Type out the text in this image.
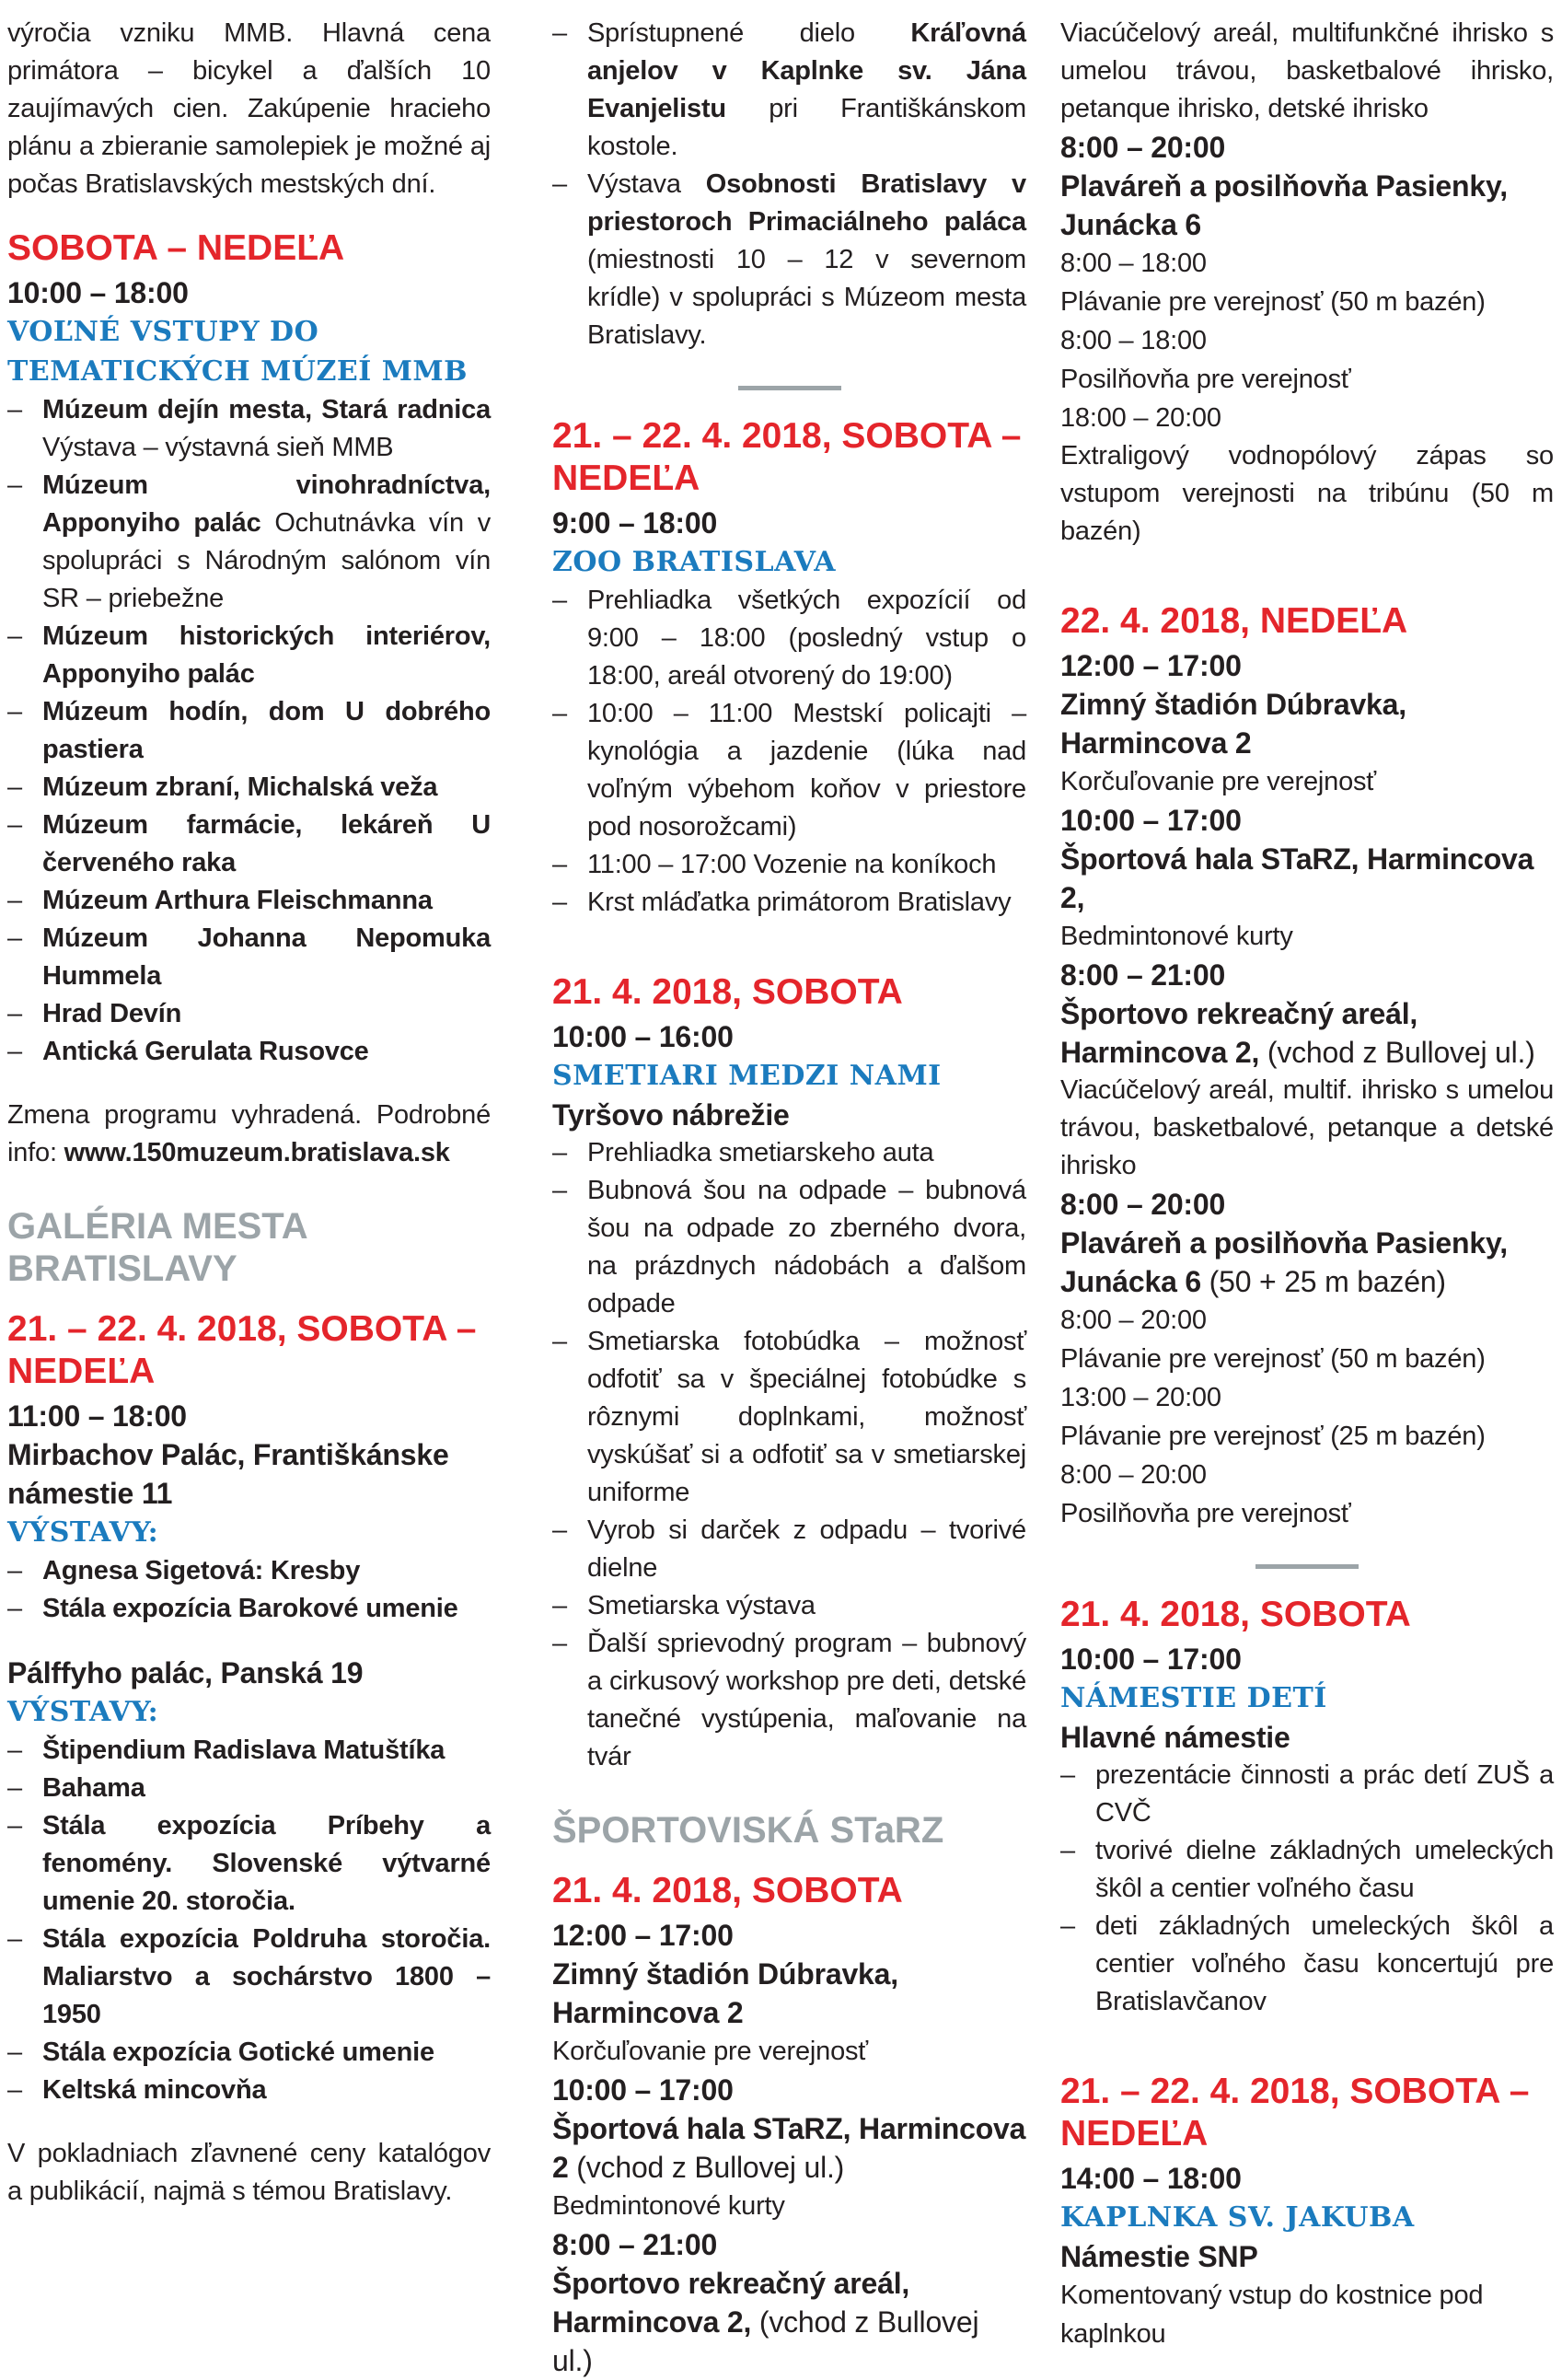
výročia vzniku MMB. Hlavná cena primátora – bicykel a ďalších 10 zaujímavých cien. Zakúpenie hracieho plánu a zbieranie samolepiek je možné aj počas Bratislavských mestských dní.
SOBOTA – NEDEĽA
10:00 – 18:00
VOĽNÉ VSTUPY DO TEMATICKÝCH MÚZEÍ MMB
– Múzeum dejín mesta, Stará radnica Výstava – výstavná sieň MMB
– Múzeum vinohradníctva, Apponyiho palác Ochutnávka vín v spolupráci s Národným salónom vín SR – priebežne
– Múzeum historických interiérov, Apponyiho palác
– Múzeum hodín, dom U dobrého pastiera
– Múzeum zbraní, Michalská veža
– Múzeum farmácie, lekáreň U červeného raka
– Múzeum Arthura Fleischmanna
– Múzeum Johanna Nepomuka Hummela
– Hrad Devín
– Antická Gerulata Rusovce
Zmena programu vyhradená. Podrobné info: www.150muzeum.bratislava.sk
GALÉRIA MESTA BRATISLAVY
21. – 22. 4. 2018, SOBOTA – NEDEĽA
11:00 – 18:00
Mirbachov Palác, Františkánske námestie 11
VÝSTAVY:
– Agnesa Sigetová: Kresby
– Stála expozícia Barokové umenie
Pálffyho palác, Panská 19
VÝSTAVY:
– Štipendium Radislava Matuštíka
– Bahama
– Stála expozícia Príbehy a fenomény. Slovenské výtvarné umenie 20. storočia.
– Stála expozícia Poldruha storočia. Maliarstvo a sochárstvo 1800 – 1950
– Stála expozícia Gotické umenie
– Keltská mincovňa
V pokladniach zľavnené ceny katalógov a publikácií, najmä s témou Bratislavy.
– Sprístupnené dielo Kráľovná anjelov v Kaplnke sv. Jána Evanjelistu pri Františkánskom kostole.
– Výstava Osobnosti Bratislavy v priestoroch Primaciálneho paláca (miestnosti 10 – 12 v severnom krídle) v spolupráci s Múzeom mesta Bratislavy.
21. – 22. 4. 2018, SOBOTA – NEDEĽA
9:00 – 18:00
ZOO BRATISLAVA
– Prehliadka všetkých expozícií od 9:00 – 18:00 (posledný vstup o 18:00, areál otvorený do 19:00)
– 10:00 – 11:00 Mestskí policajti – kynológia a jazdenie (lúka nad voľným výbehom koňov v priestore pod nosorožcami)
– 11:00 – 17:00 Vozenie na koníkoch
– Krst mláďatka primátorom Bratislavy
21. 4. 2018, SOBOTA
10:00 – 16:00
SMETIARI MEDZI NAMI
Tyršovo nábrežie
– Prehliadka smetiarskeho auta
– Bubnová šou na odpade – bubnová šou na odpade zo zberného dvora, na prázdnych nádobách a ďalšom odpade
– Smetiarska fotobúdka – možnosť odfotiť sa v špeciálnej fotobúdke s rôznymi doplnkami, možnosť vyskúšať si a odfotiť sa v smetiarskej uniforme
– Vyrob si darček z odpadu – tvorivé dielne
– Smetiarska výstava
– Ďalší sprievodný program – bubnový a cirkusový workshop pre deti, detské tanečné vystúpenia, maľovanie na tvár
ŠPORTOVISKÁ STaRZ
21. 4. 2018, SOBOTA
12:00 – 17:00
Zimný štadión Dúbravka, Harmincova 2
Korčuľovanie pre verejnosť
10:00 – 17:00
Športová hala STaRZ, Harmincova 2 (vchod z Bullovej ul.)
Bedmintonové kurty
8:00 – 21:00
Športovo rekreačný areál, Harmincova 2, (vchod z Bullovej ul.)
Viacúčelový areál, multifunkčné ihrisko s umelou trávou, basketbalové ihrisko, petanque ihrisko, detské ihrisko
8:00 – 20:00
Plaváreň a posilňovňa Pasienky, Junácka 6
8:00 – 18:00
Plávanie pre verejnosť (50 m bazén)
8:00 – 18:00
Posilňovňa pre verejnosť
18:00 – 20:00
Extraligový vodnopólový zápas so vstupom verejnosti na tribúnu (50 m bazén)
22. 4. 2018, NEDEĽA
12:00 – 17:00
Zimný štadión Dúbravka, Harmincova 2
Korčuľovanie pre verejnosť
10:00 – 17:00
Športová hala STaRZ, Harmincova 2,
Bedmintonové kurty
8:00 – 21:00
Športovo rekreačný areál, Harmincova 2, (vchod z Bullovej ul.)
Viacúčelový areál, multif. ihrisko s umelou trávou, basketbalové, petanque a detské ihrisko
8:00 – 20:00
Plaváreň a posilňovňa Pasienky, Junácka 6 (50 + 25 m bazén)
8:00 – 20:00
Plávanie pre verejnosť (50 m bazén)
13:00 – 20:00
Plávanie pre verejnosť (25 m bazén)
8:00 – 20:00
Posilňovňa pre verejnosť
21. 4. 2018, SOBOTA
10:00 – 17:00
NÁMESTIE DETÍ
Hlavné námestie
– prezentácie činnosti a prác detí ZUŠ a CVČ
– tvorivé dielne základných umeleckých škôl a centier voľného času
– deti základných umeleckých škôl a centier voľného času koncertujú pre Bratislavčanov
21. – 22. 4. 2018, SOBOTA – NEDEĽA
14:00 – 18:00
KAPLNKA SV. JAKUBA
Námestie SNP
Komentovaný vstup do kostnice pod kaplnkou
